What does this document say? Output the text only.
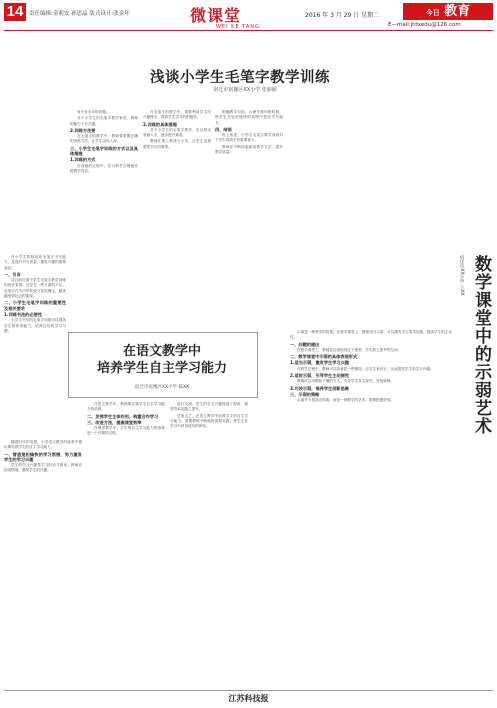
14	责任编辑:金莉安 孙思晶 版式设计:张金年	微课堂
WEI KE TANG
2016 年 3 月 29 日 星期二	今日 教育
E—mail:jtdxedu@126.com
浅谈小学生毛笔字教学训练
宿迁市宿豫区XX小学 张丽丽

在小学生阶段培养毛笔字书写能力，是提升书写质量、激发兴趣的重要途径。

一、引言

从目前在国小学生毛笔字教学训练的现状来看，还存在一些方面的不足。毛笔字作为中华传统文化的瑰宝，越来越受到社会的重视。

二、小学生毛笔字训练的重要性及相关要求
1.训练书法的必要性

小学生书写的毛笔字训练可以提高学生的审美能力，培养良好的学习习惯。

有专业水平的问题。

对于小学生的毛笔字教学来说，教师的能力十分关键。

2.训练方法要

在毛笔字的教学中，教师要掌握正确的训练方法，让学生由浅入深。

三、小学生毛笔字训练的方式以及具体措施
1.训练的方式

在训练的过程中，应当科学合理地安排教学内容。

在毛笔字的教学中，需要利用学生的兴趣特点，提高学生学习的积极性。

2.训练的具体措施

对于小学生的毛笔字教学，应从基本笔画入手，逐步提升难度。

教师在课上要适当示范，让学生直观感受书写的要领。

明确教学目标，合理安排训练时间，使学生在轻松愉快的氛围中提高书写能力。

四、结语

综上所述，小学生毛笔字教学训练对于学生的成长有重要意义。

教师应不断探索新的教学方法，提升教学质量。

在语文教学中
培养学生自主学习能力
宿迁市宿豫区XX小学 陈XX

随着时代的发展，小学语文教学的改革中提出要培养学生的自主学习能力。

一、营造宽松愉快的学习氛围，努力激发学生的学习兴趣

学生的学习兴趣是学习的动力源泉。教师应创设情境，激发学生的兴趣。

在语文教学中，教师要注重学生自主学习能力的培养。

二、发挥学生主体作用，构建合作学习
三、改进方法，提高课堂效率

在课堂教学中，学生的自主学习能力的培养是一个长期的过程。

进行交流，学生的学习兴趣得到了提高，课堂效率也随之提升。

总而言之，在语文教学中培养学生的自主学习能力，需要教师不断地探索和实践，使学生在学习中获得成功的体验。	数学课堂中的示弱艺术
宿迁市XX小学 王XX

示弱是一种教学的智慧。在数学课堂上，教师适当示弱，可以激发学生的求知欲，提高学生的主动性。

一、问题的提出

在数学课堂上，教师往往表现得过于强势，学生缺乏思考的空间。

二、数学课堂中示弱的具体表现形式
1.适当示弱，激发学生学习兴趣

在教学过程中，教师可以故意犯一些错误，让学生来纠正，从而提高学生的学习兴趣。

2.适时示弱，引导学生主动探究

教师可以用假装不懂的方式，引导学生自主探究，发现规律。

3.巧妙示弱，培养学生创新思维
三、示弱的策略

示弱并不是真正的弱，而是一种教学的艺术，需要把握好度。

江苏科技报
